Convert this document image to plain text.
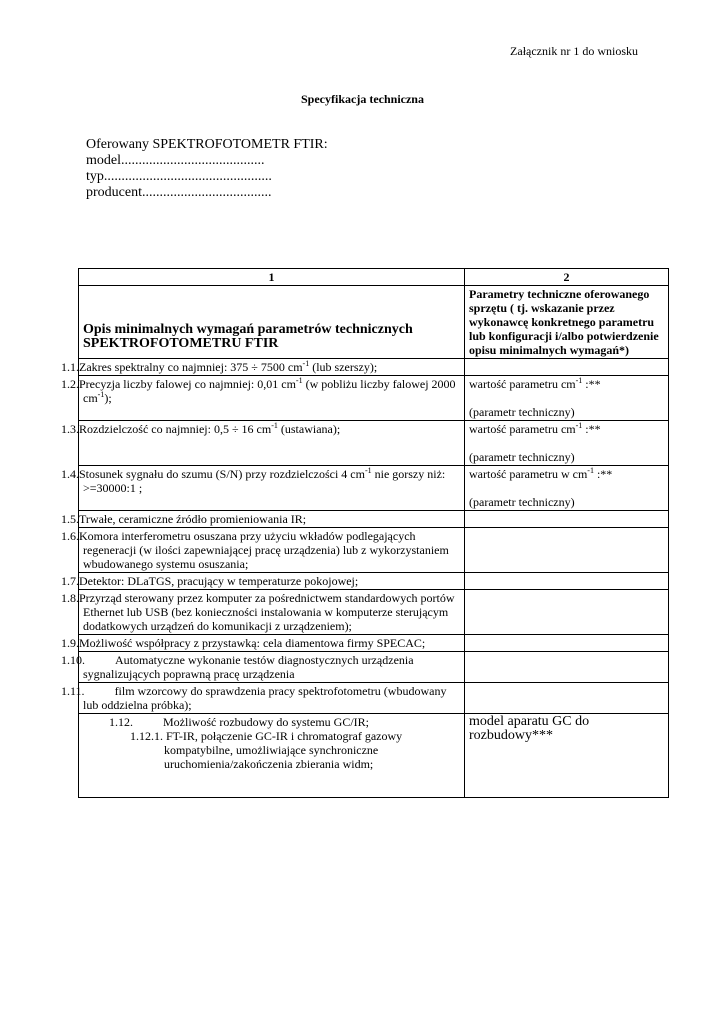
Załącznik nr 1 do wniosku
Specyfikacja techniczna
Oferowany SPEKTROFOTOMETR FTIR:
model.........................................
typ................................................
producent.....................................
1	2
Opis minimalnych wymagań parametrów technicznych SPEKTROFOTOMETRU FTIR	Parametry techniczne oferowanego sprzętu ( tj. wskazanie przez wykonawcę konkretnego parametru lub konfiguracji i/albo potwierdzenie opisu minimalnych wymagań*)
1.1.Zakres spektralny co najmniej: 375 ÷ 7500 $cm^{-1}$ (lub szerszy);	
1.2.Precyzja liczby falowej co najmniej: 0,01 $cm^{-1}$ (w pobliżu liczby falowej 2000 $cm^{-1}$);	wartość parametru $cm^{-1}$ :**
(parametr techniczny)

1.3.Rozdzielczość co najmniej: 0,5 ÷ 16 $cm^{-1}$ (ustawiana);	wartość parametru $cm^{-1}$ :**
(parametr techniczny)

1.4.Stosunek sygnału do szumu (S/N) przy rozdzielczości 4 $cm^{-1}$ nie gorszy niż: >=30000:1 ;	wartość parametru w $cm^{-1}$ :**
(parametr techniczny)

1.5.Trwałe, ceramiczne źródło promieniowania IR;	
1.6.Komora interferometru osuszana przy użyciu wkładów podlegających regeneracji (w ilości zapewniającej pracę urządzenia) lub z wykorzystaniem wbudowanego systemu osuszania;	
1.7.Detektor: DLaTGS, pracujący w temperaturze pokojowej;	
1.8.Przyrząd sterowany przez komputer za pośrednictwem standardowych portów Ethernet lub USB (bez konieczności instalowania w komputerze sterującym dodatkowych urządzeń do komunikacji z urządzeniem);	
1.9.Możliwość współpracy z przystawką: cela diamentowa firmy SPECAC;	
1.10. Automatyczne wykonanie testów diagnostycznych urządzenia sygnalizujących poprawną pracę urządzenia	
1.11. film wzorcowy do sprawdzenia pracy spektrofotometru (wbudowany lub oddzielna próbka);	

1.12. Możliwość rozbudowy do systemu GC/IR;
1.12.1. FT-IR, połączenie GC-IR i chromatograf gazowy kompatybilne, umożliwiające synchroniczne uruchomienia/zakończenia zbierania widm;	model aparatu GC do rozbudowy***
